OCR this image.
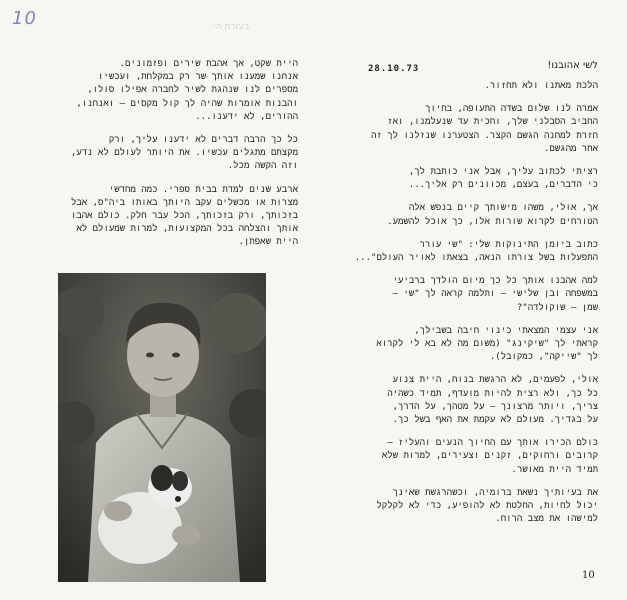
10	בעזרת ה׳
לשי אהובנו!
28.10.73

הלכת מאתנו ולא תחזור.

אמרה לנו שלום בשדה התעופה, בחיוך
החביב הסבלני שלך, וחכית עד שנעלמנו, ואז
חזרת למחנה הגשם הקצר. הצטערנו שנזלנו לך זה
אחר מהגשם.

רציתי לכתוב עליך, אבל אני כותבת לך,
כי הדברים, בעצם, מכוונים רק אליך...

אך, אולי, משהו מישותך קיים בנפש אלה
הטורחים לקרוא שורות אלו, כך אוכל להשמע.

כתוב ביומן התינוקות שלי: "שי עורר
התפעלות בשל צורתו הנאה, בצאתו לאויר העולם"...

למה אהבנו אותך כל כך מיום הולדך ברביעי
במשפחה ובן שלישי – ותלמה קראה לך "שי –
שמן – שוקולדה"?

אני עצמי המצאתי כינוי חיבה בשבילך,
קראתי לך "שיקינג" (משום מה לא בא לי לקרוא
לך "שייקה", כמקובל).

אולי, לפעמים, לא הרגשת בנוח, היית צנוע
כל כך, ולא רצית להיות מועדף, תמיד כשהיה
צריך, ויותר מרצונך – על מטהך, על הדרך,
על בגדיך. מעולם לא עקמת את האף בשל כך.

כולם הכירו אותך עם החיוך הנעים והעליז –
קרובים ורחוקים, זקנים וצעירים, למרות שלא
תמיד היית מאושר.

את בעיותיך נשאת ברומיה, וכשהרגשת שאינך
יכול לחיות, החלטת לא להופיע, כדי לא לקלקל
למישהו את מצב הרוח.

היית שקט, אך אהבת שירים ופזמונים.
אנחנו שמענו אותך שר רק במקלחת, ועכשיו
מספרים לנו שנהגת לשיר לחברה אפילו סולו,
והבנות אומרות שהיה לך קול מקסים – ואנחנו,
ההורים, לא ידענו...

כל כך הרבה דברים לא ידענו עליך, ורק
מקצתם מתגלים עכשיו. את היותר לעולם לא נדע,
וזה הקשה מכל.

ארבע שנים למדת בבית ספרי. כמה מחדשי
מצרות או מכשלים עקב היותך באותו ביה"ס, אבל
בזכותך, ורק בזכותך, הכל עבר חלק. כולם אהבו
אותך והצלחה בכל המקצועות, למרות שמעולם לא
היית שאפתן.

10
